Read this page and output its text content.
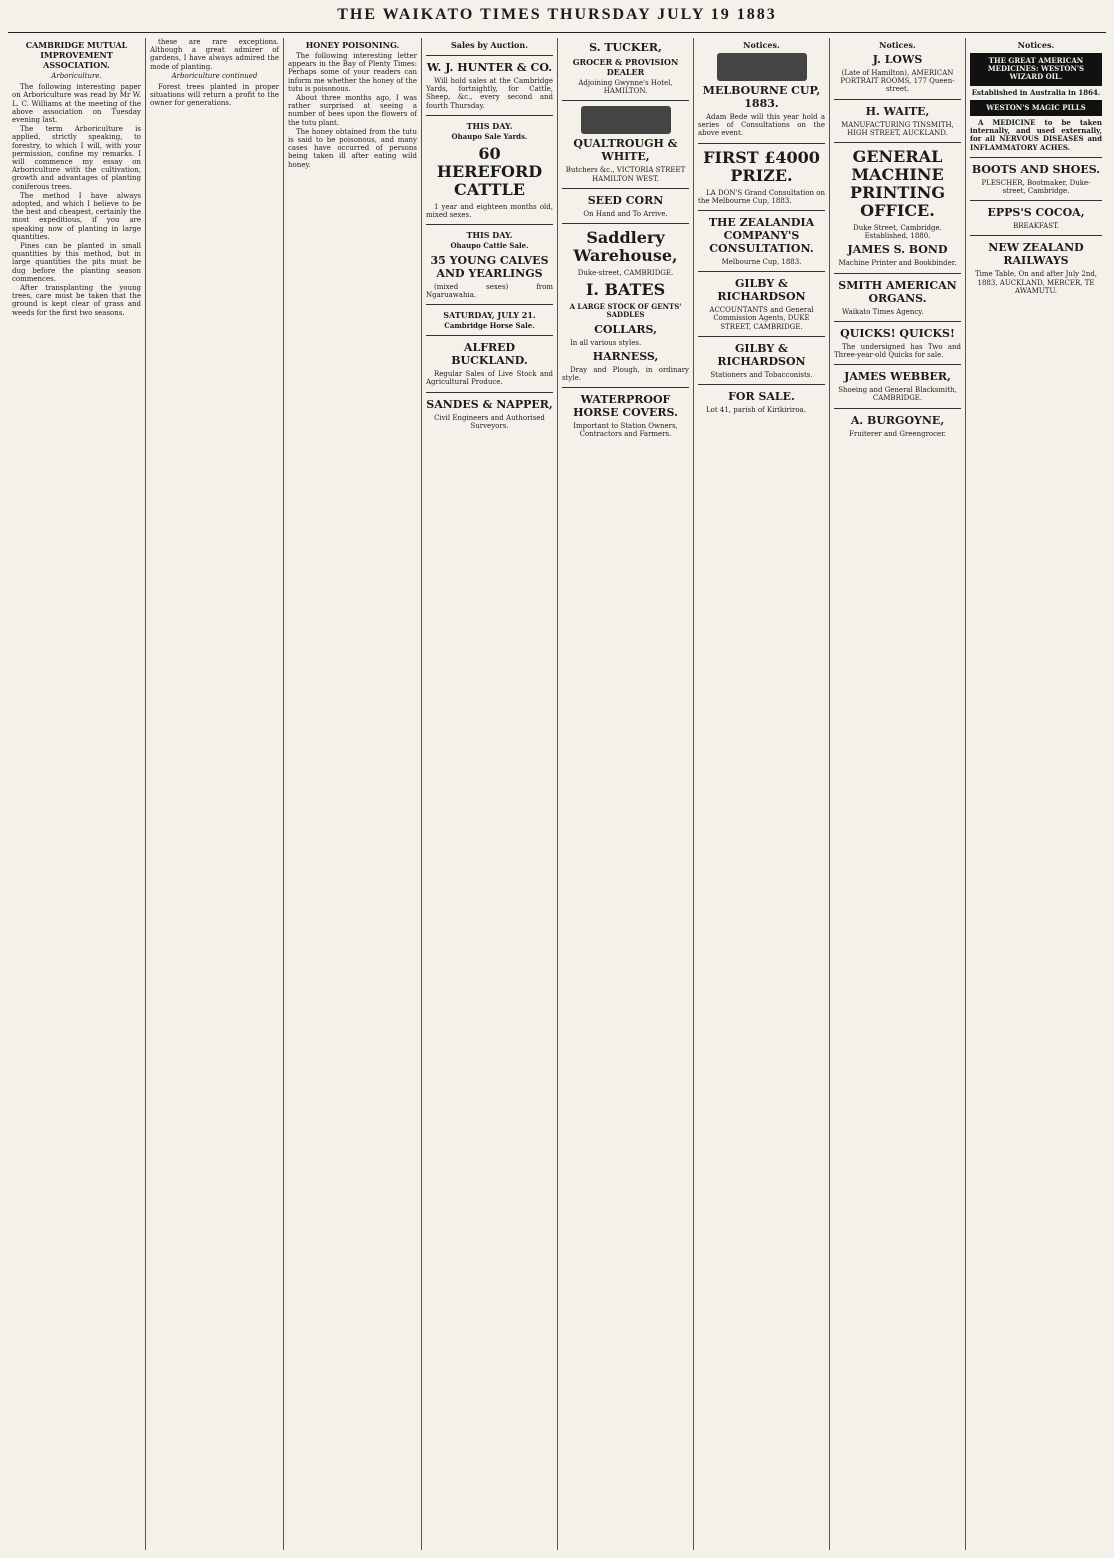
THE WAIKATO TIMES THURSDAY JULY 19 1883
CAMBRIDGE MUTUAL IMPROVEMENT ASSOCIATION.
Arboriculture.

The following interesting paper on Arboriculture was read by Mr W. L. C. Williams at the meeting of the above association on Tuesday evening last.

The term Arboriculture is applied, strictly speaking, to forestry, to which I will, with your permission, confine my remarks. I will commence my essay on Arboriculture with the cultivation, growth and advantages of planting coniferous trees.

The method I have always adopted, and which I believe to be the best and cheapest, certainly the most expeditious, if you are speaking now of planting in large quantities.

Pines can be planted in small quantities by this method, but in large quantities the pits must be dug before the planting season commences.

After transplanting the young trees, care must be taken that the ground is kept clear of grass and weeds for the first two seasons.

these are rare exceptions. Although a great admirer of gardens, I have always admired the mode of planting.

Arboriculture continued

Forest trees planted in proper situations will return a profit to the owner for generations.

HONEY POISONING.

The following interesting letter appears in the Bay of Plenty Times: Perhaps some of your readers can inform me whether the honey of the tutu is poisonous.

About three months ago, I was rather surprised at seeing a number of bees upon the flowers of the tutu plant.

The honey obtained from the tutu is said to be poisonous, and many cases have occurred of persons being taken ill after eating wild honey.

Sales by Auction.
W. J. HUNTER & CO.

Will hold sales at the Cambridge Yards, fortnightly, for Cattle, Sheep, &c., every second and fourth Thursday.

THIS DAY.
Ohaupo Sale Yards.
60 HEREFORD CATTLE

1 year and eighteen months old, mixed sexes.

THIS DAY.
Ohaupo Cattle Sale.
35 YOUNG CALVES AND YEARLINGS

(mixed sexes) from Ngaruawahia.

SATURDAY, JULY 21.
Cambridge Horse Sale.
ALFRED BUCKLAND.

Regular Sales of Live Stock and Agricultural Produce.

SANDES & NAPPER,
Civil Engineers and Authorised Surveyors.
S. TUCKER,
GROCER & PROVISION DEALER
Adjoining Gwynne's Hotel, HAMILTON.
QUALTROUGH & WHITE,
Butchers &c., VICTORIA STREET HAMILTON WEST.
SEED CORN
On Hand and To Arrive.
Saddlery Warehouse,
Duke-street, CAMBRIDGE.
I. BATES
A LARGE STOCK OF GENTS' SADDLES
COLLARS,

In all various styles.

HARNESS,

Dray and Plough, in ordinary style.

WATERPROOF HORSE COVERS.
Important to Station Owners, Contractors and Farmers.
Notices.
MELBOURNE CUP, 1883.

Adam Bede will this year hold a series of Consultations on the above event.

FIRST £4000 PRIZE.

LA DON'S Grand Consultation on the Melbourne Cup, 1883.

THE ZEALANDIA COMPANY'S CONSULTATION.
Melbourne Cup, 1883.
GILBY & RICHARDSON
ACCOUNTANTS and General Commission Agents, DUKE STREET, CAMBRIDGE.
GILBY & RICHARDSON
Stationers and Tobacconists.
FOR SALE.

Lot 41, parish of Kirikiriroa.

Notices.
J. LOWS
(Late of Hamilton), AMERICAN PORTRAIT ROOMS, 177 Queen-street.
H. WAITE,
MANUFACTURING TINSMITH, HIGH STREET, AUCKLAND.
GENERAL MACHINE PRINTING OFFICE.
Duke Street, Cambridge. Established, 1880.
JAMES S. BOND
Machine Printer and Bookbinder.
SMITH AMERICAN ORGANS.

Waikato Times Agency.

QUICKS! QUICKS!

The undersigned has Two and Three-year-old Quicks for sale.

JAMES WEBBER,
Shoeing and General Blacksmith, CAMBRIDGE.
A. BURGOYNE,
Fruiterer and Greengrocer.
Notices.
THE GREAT AMERICAN MEDICINES: WESTON'S WIZARD OIL.
Established in Australia in 1864.
WESTON'S MAGIC PILLS

A MEDICINE to be taken internally, and used externally, for all NERVOUS DISEASES and INFLAMMATORY ACHES.

BOOTS AND SHOES.
PLESCHER, Bootmaker, Duke-street, Cambridge.
EPPS'S COCOA,
BREAKFAST.
NEW ZEALAND RAILWAYS
Time Table, On and after July 2nd, 1883, AUCKLAND, MERCER, TE AWAMUTU.
